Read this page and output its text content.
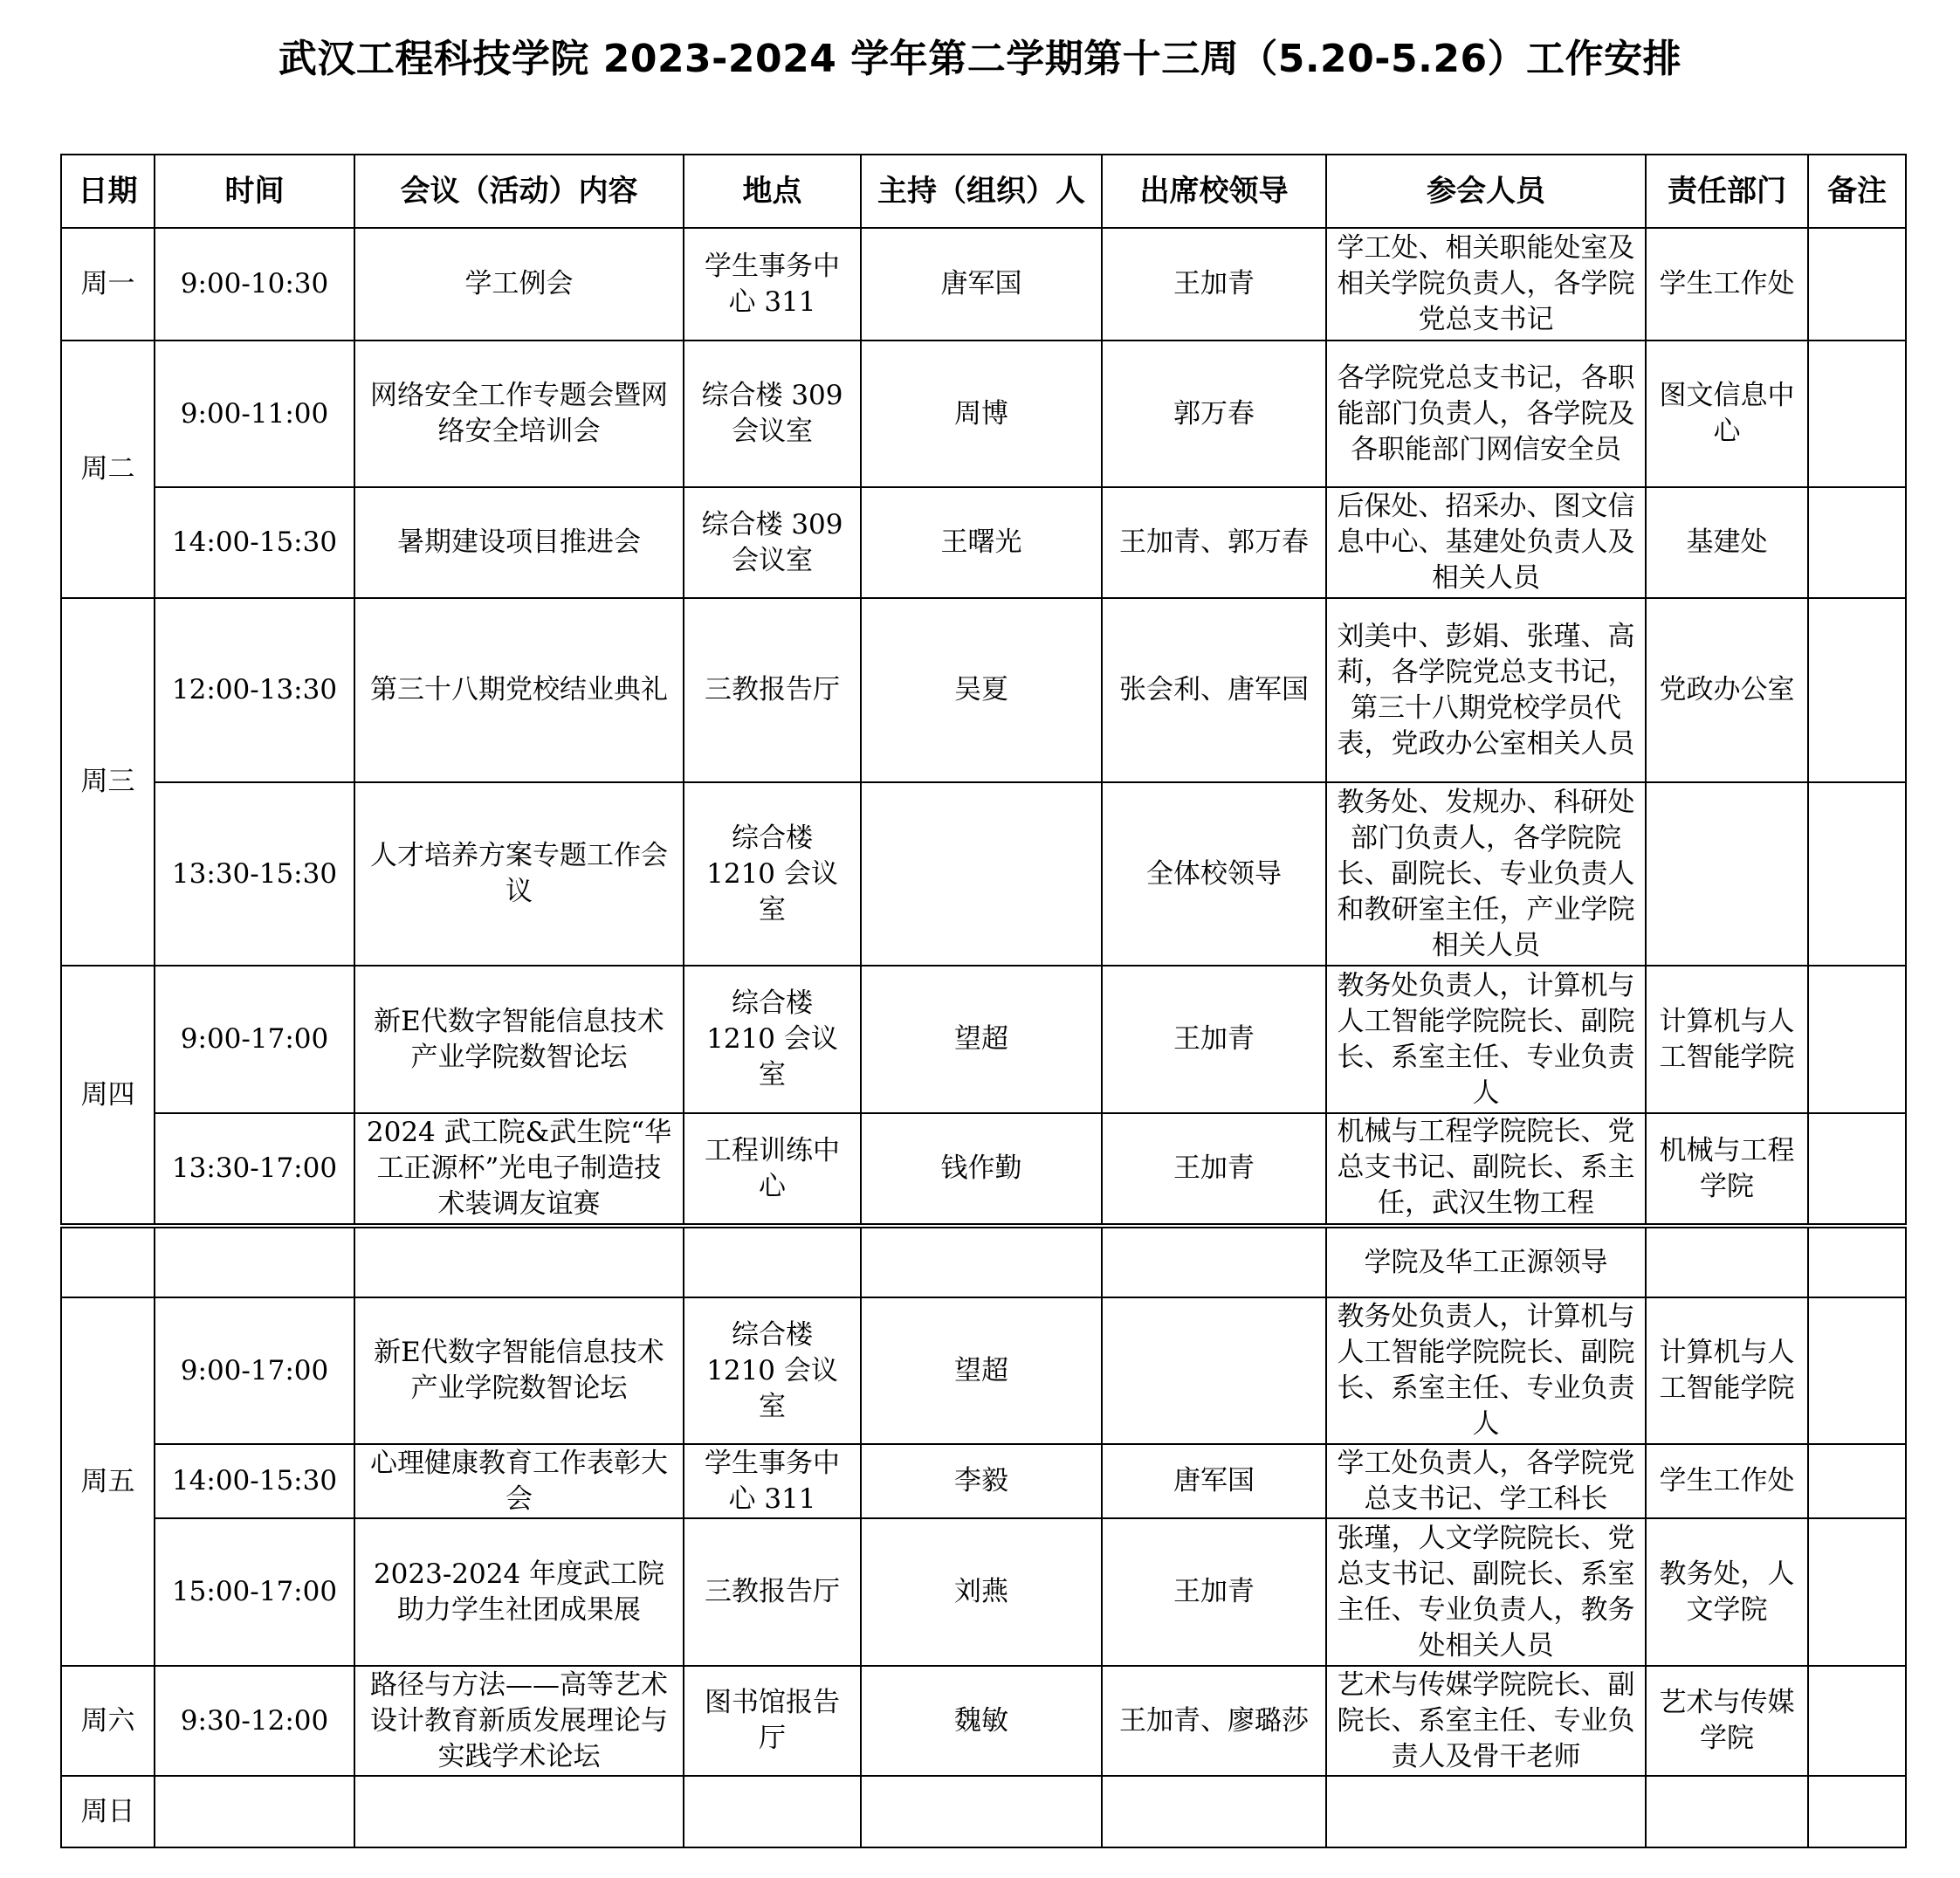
武汉工程科技学院 2023-2024 学年第二学期第十三周（5.20-5.26）工作安排
日期	时间	会议（活动）内容	地点	主持（组织）人	出席校领导	参会人员	责任部门	备注
周一	9:00-10:30	学工例会	学生事务中心 311	唐军国	王加青	学工处、相关职能处室及相关学院负责人，各学院党总支书记	学生工作处	
周二	9:00-11:00	网络安全工作专题会暨网络安全培训会	综合楼 309 会议室	周博	郭万春	各学院党总支书记，各职能部门负责人，各学院及各职能部门网信安全员	图文信息中心	
	14:00-15:30	暑期建设项目推进会	综合楼 309 会议室	王曙光	王加青、郭万春	后保处、招采办、图文信息中心、基建处负责人及相关人员	基建处	
周三	12:00-13:30	第三十八期党校结业典礼	三教报告厅	吴夏	张会利、唐军国	刘美中、彭娟、张瑾、高莉，各学院党总支书记，第三十八期党校学员代表，党政办公室相关人员	党政办公室	
	13:30-15:30	人才培养方案专题工作会议	综合楼 1210 会议室		全体校领导	教务处、发规办、科研处部门负责人，各学院院长、副院长、专业负责人和教研室主任，产业学院相关人员		
周四	9:00-17:00	新E代数字智能信息技术产业学院数智论坛	综合楼 1210 会议室	望超	王加青	教务处负责人，计算机与人工智能学院院长、副院长、系室主任、专业负责人	计算机与人工智能学院	
	13:30-17:00	2024 武工院&武生院“华工正源杯”光电子制造技术装调友谊赛	工程训练中心	钱作勤	王加青	机械与工程学院院长、党总支书记、副院长、系主任，武汉生物工程	机械与工程学院	
						学院及华工正源领导		
周五	9:00-17:00	新E代数字智能信息技术产业学院数智论坛	综合楼 1210 会议室	望超		教务处负责人，计算机与人工智能学院院长、副院长、系室主任、专业负责人	计算机与人工智能学院	
	14:00-15:30	心理健康教育工作表彰大会	学生事务中心 311	李毅	唐军国	学工处负责人，各学院党总支书记、学工科长	学生工作处	
	15:00-17:00	2023-2024 年度武工院助力学生社团成果展	三教报告厅	刘燕	王加青	张瑾，人文学院院长、党总支书记、副院长、系室主任、专业负责人，教务处相关人员	教务处，人文学院	
周六	9:30-12:00	路径与方法——高等艺术设计教育新质发展理论与实践学术论坛	图书馆报告厅	魏敏	王加青、廖璐莎	艺术与传媒学院院长、副院长、系室主任、专业负责人及骨干老师	艺术与传媒学院	
周日								
